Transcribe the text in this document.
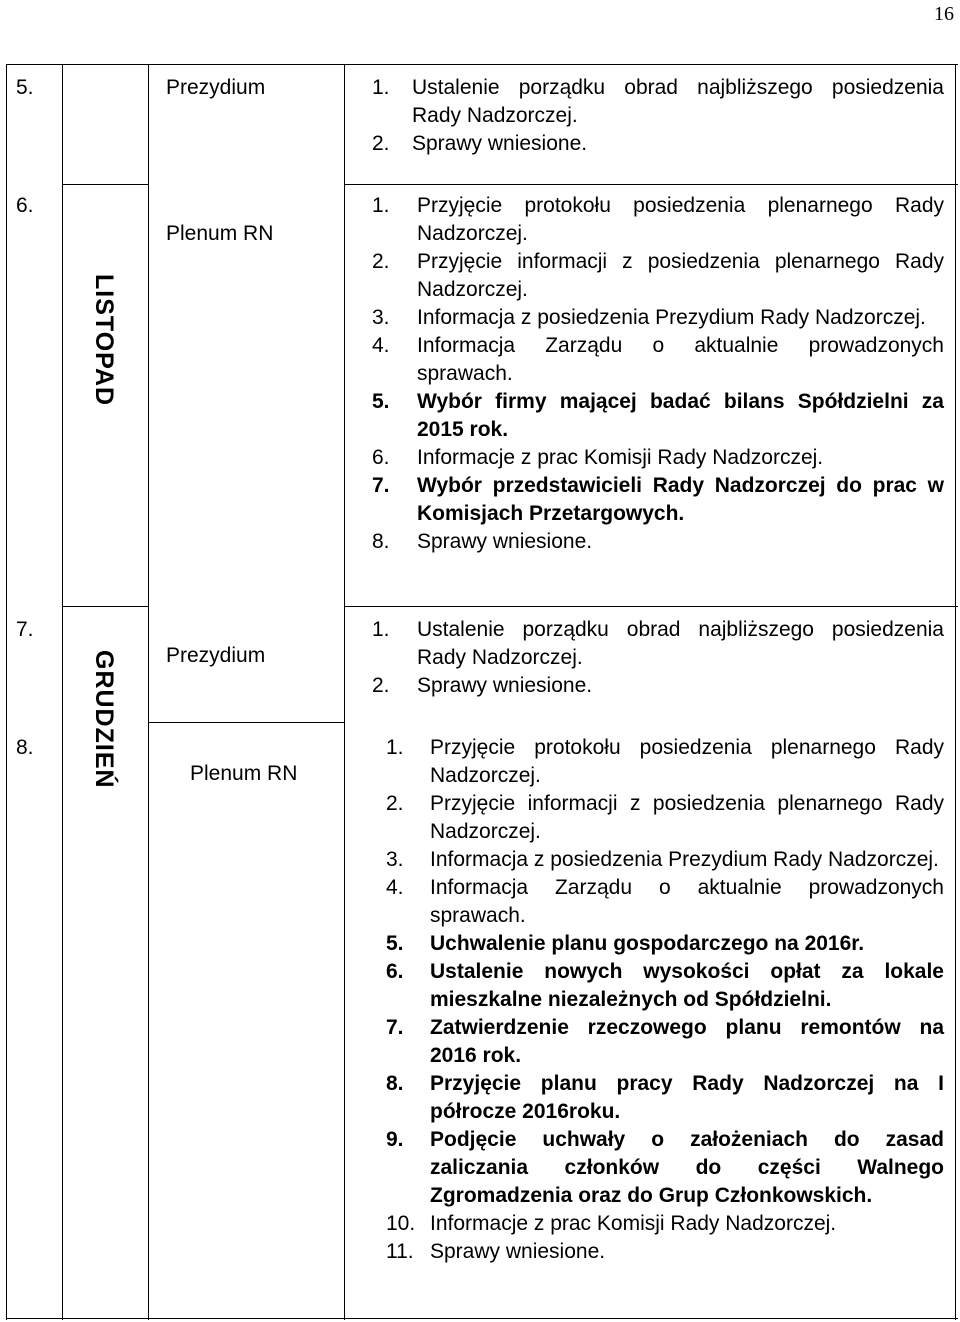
16
5.	Prezydium	1. Ustalenie porządku obrad najbliższego posiedzenia Rady Nadzorczej.
2. Sprawy wniesione.
6.
LISTOPAD
Plenum RN
1. Przyjęcie protokołu posiedzenia plenarnego Rady Nadzorczej.
2. Przyjęcie informacji z posiedzenia plenarnego Rady Nadzorczej.
3. Informacja z posiedzenia Prezydium Rady Nadzorczej.
4. Informacja Zarządu o aktualnie prowadzonych sprawach.
5. Wybór firmy mającej badać bilans Spółdzielni za 2015 rok.
6. Informacje z prac Komisji Rady Nadzorczej.
7. Wybór przedstawicieli Rady Nadzorczej do prac w Komisjach Przetargowych.
8. Sprawy wniesione.
7.
GRUDZIEŃ Prezydium
1. Ustalenie porządku obrad najbliższego posiedzenia Rady Nadzorczej.
2. Sprawy wniesione.
8.
Plenum RN
1. Przyjęcie protokołu posiedzenia plenarnego Rady Nadzorczej.
2. Przyjęcie informacji z posiedzenia plenarnego Rady Nadzorczej.
3. Informacja z posiedzenia Prezydium Rady Nadzorczej.
4. Informacja Zarządu o aktualnie prowadzonych sprawach.
5. Uchwalenie planu gospodarczego na 2016r.
6. Ustalenie nowych wysokości opłat za lokale mieszkalne niezależnych od Spółdzielni.
7. Zatwierdzenie rzeczowego planu remontów na 2016 rok.
8. Przyjęcie planu pracy Rady Nadzorczej na I półrocze 2016roku.
9. Podjęcie uchwały o założeniach do zasad zaliczania członków do części Walnego Zgromadzenia oraz do Grup Członkowskich.
10. Informacje z prac Komisji Rady Nadzorczej.
11. Sprawy wniesione.
